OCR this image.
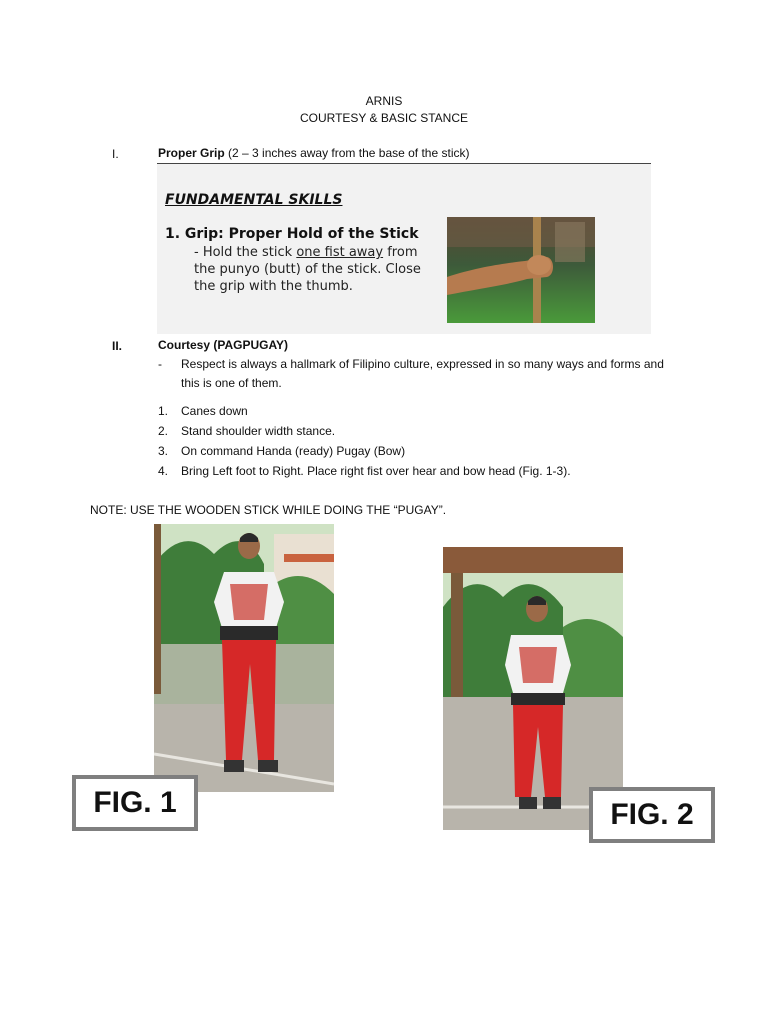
ARNIS
COURTESY & BASIC STANCE
I.	Proper Grip (2 – 3 inches away from the base of the stick)
FUNDAMENTAL SKILLS
1. Grip: Proper Hold of the Stick
- Hold the stick one fist away from the punyo (butt) of the stick. Close the grip with the thumb.
II.	Courtesy (PAGPUGAY)
- Respect is always a hallmark of Filipino culture, expressed in so many ways and forms and this is one of them.
1. Canes down
2. Stand shoulder width stance.
3. On command Handa (ready) Pugay (Bow)
4. Bring Left foot to Right. Place right fist over hear and bow head (Fig. 1-3).
NOTE: USE THE WOODEN STICK WHILE DOING THE “PUGAY”.
FIG. 1	FIG. 2
